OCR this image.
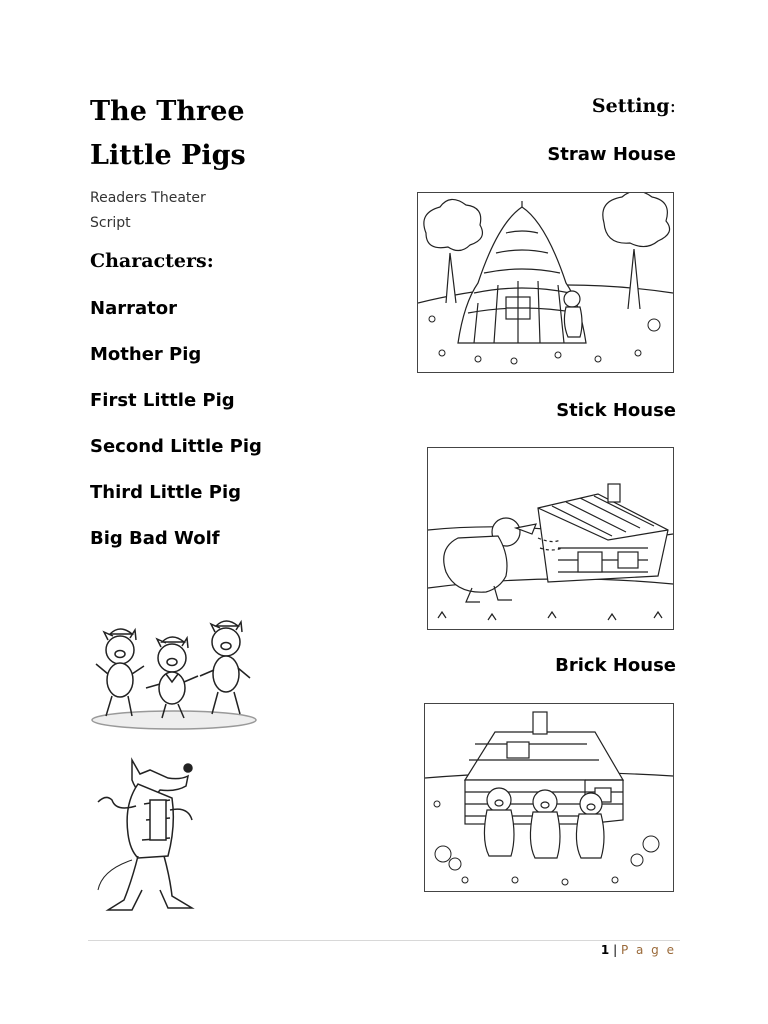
The Three
Little Pigs
Readers Theater
Script
Characters:
Narrator
Mother Pig
First Little Pig
Second Little Pig
Third Little Pig
Big Bad Wolf
Setting:
Straw House
Stick House
Brick House
1 | P a g e
